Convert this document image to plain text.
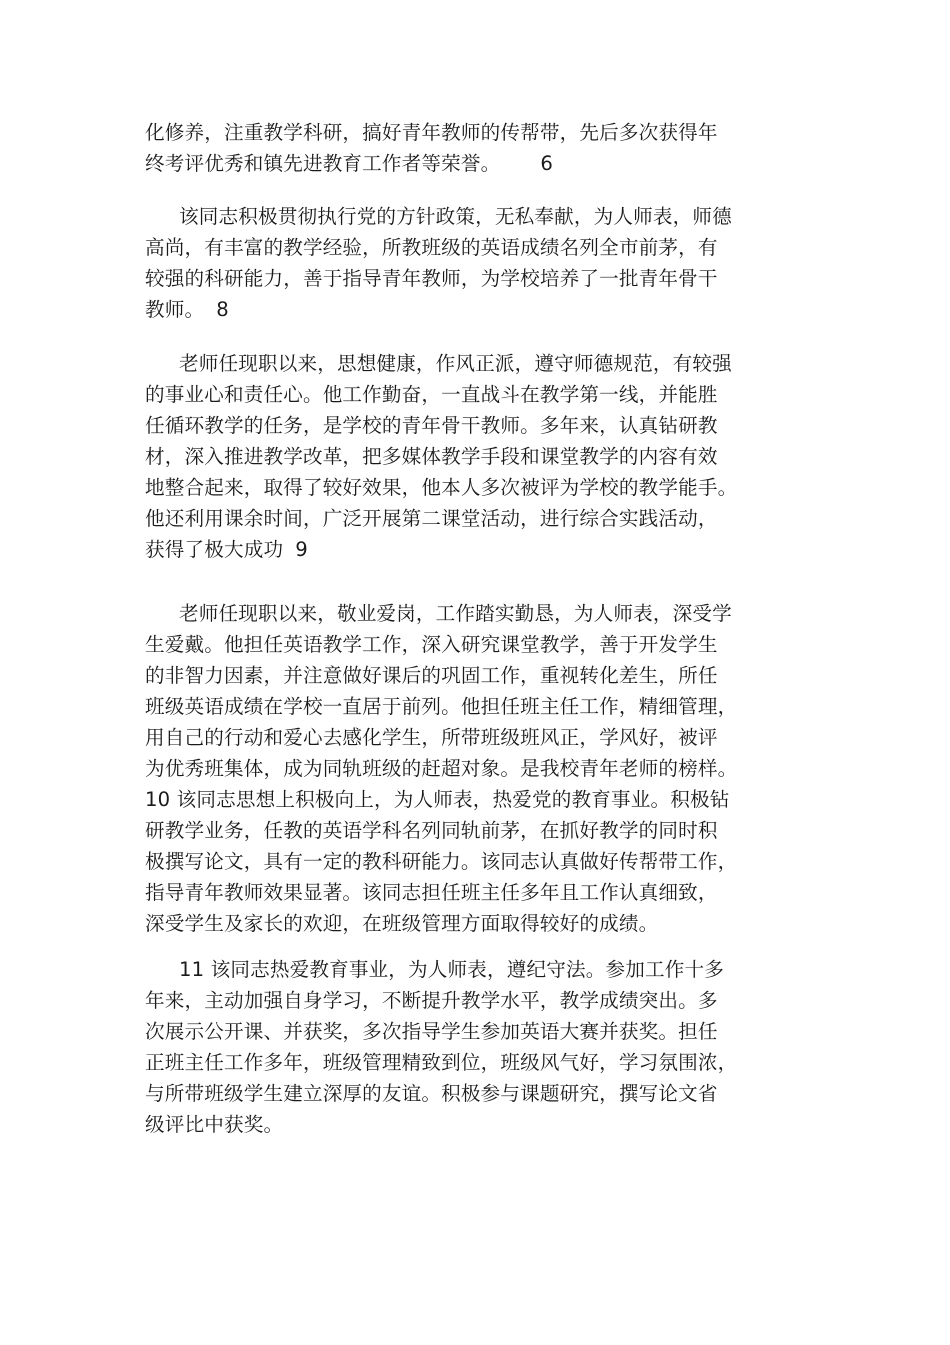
化修养，注重教学科研，搞好青年教师的传帮带，先后多次获得年
终考评优秀和镇先进教育工作者等荣誉。 6
该同志积极贯彻执行党的方针政策，无私奉献，为人师表，师德
高尚，有丰富的教学经验，所教班级的英语成绩名列全市前茅，有
较强的科研能力，善于指导青年教师，为学校培养了一批青年骨干
教师。 8
老师任现职以来，思想健康，作风正派，遵守师德规范，有较强
的事业心和责任心。他工作勤奋，一直战斗在教学第一线，并能胜
任循环教学的任务，是学校的青年骨干教师。多年来，认真钻研教
材，深入推进教学改革，把多媒体教学手段和课堂教学的内容有效
地整合起来，取得了较好效果，他本人多次被评为学校的教学能手。
他还利用课余时间，广泛开展第二课堂活动，进行综合实践活动，
获得了极大成功 9
老师任现职以来，敬业爱岗，工作踏实勤恳，为人师表，深受学
生爱戴。他担任英语教学工作，深入研究课堂教学，善于开发学生
的非智力因素，并注意做好课后的巩固工作，重视转化差生，所任
班级英语成绩在学校一直居于前列。他担任班主任工作，精细管理，
用自己的行动和爱心去感化学生，所带班级班风正，学风好，被评
为优秀班集体，成为同轨班级的赶超对象。是我校青年老师的榜样。
10 该同志思想上积极向上，为人师表，热爱党的教育事业。积极钻
研教学业务，任教的英语学科名列同轨前茅，在抓好教学的同时积
极撰写论文，具有一定的教科研能力。该同志认真做好传帮带工作，
指导青年教师效果显著。该同志担任班主任多年且工作认真细致，
深受学生及家长的欢迎，在班级管理方面取得较好的成绩。
11 该同志热爱教育事业，为人师表，遵纪守法。参加工作十多
年来，主动加强自身学习，不断提升教学水平，教学成绩突出。多
次展示公开课、并获奖，多次指导学生参加英语大赛并获奖。担任
正班主任工作多年，班级管理精致到位，班级风气好，学习氛围浓，
与所带班级学生建立深厚的友谊。积极参与课题研究，撰写论文省
级评比中获奖。
